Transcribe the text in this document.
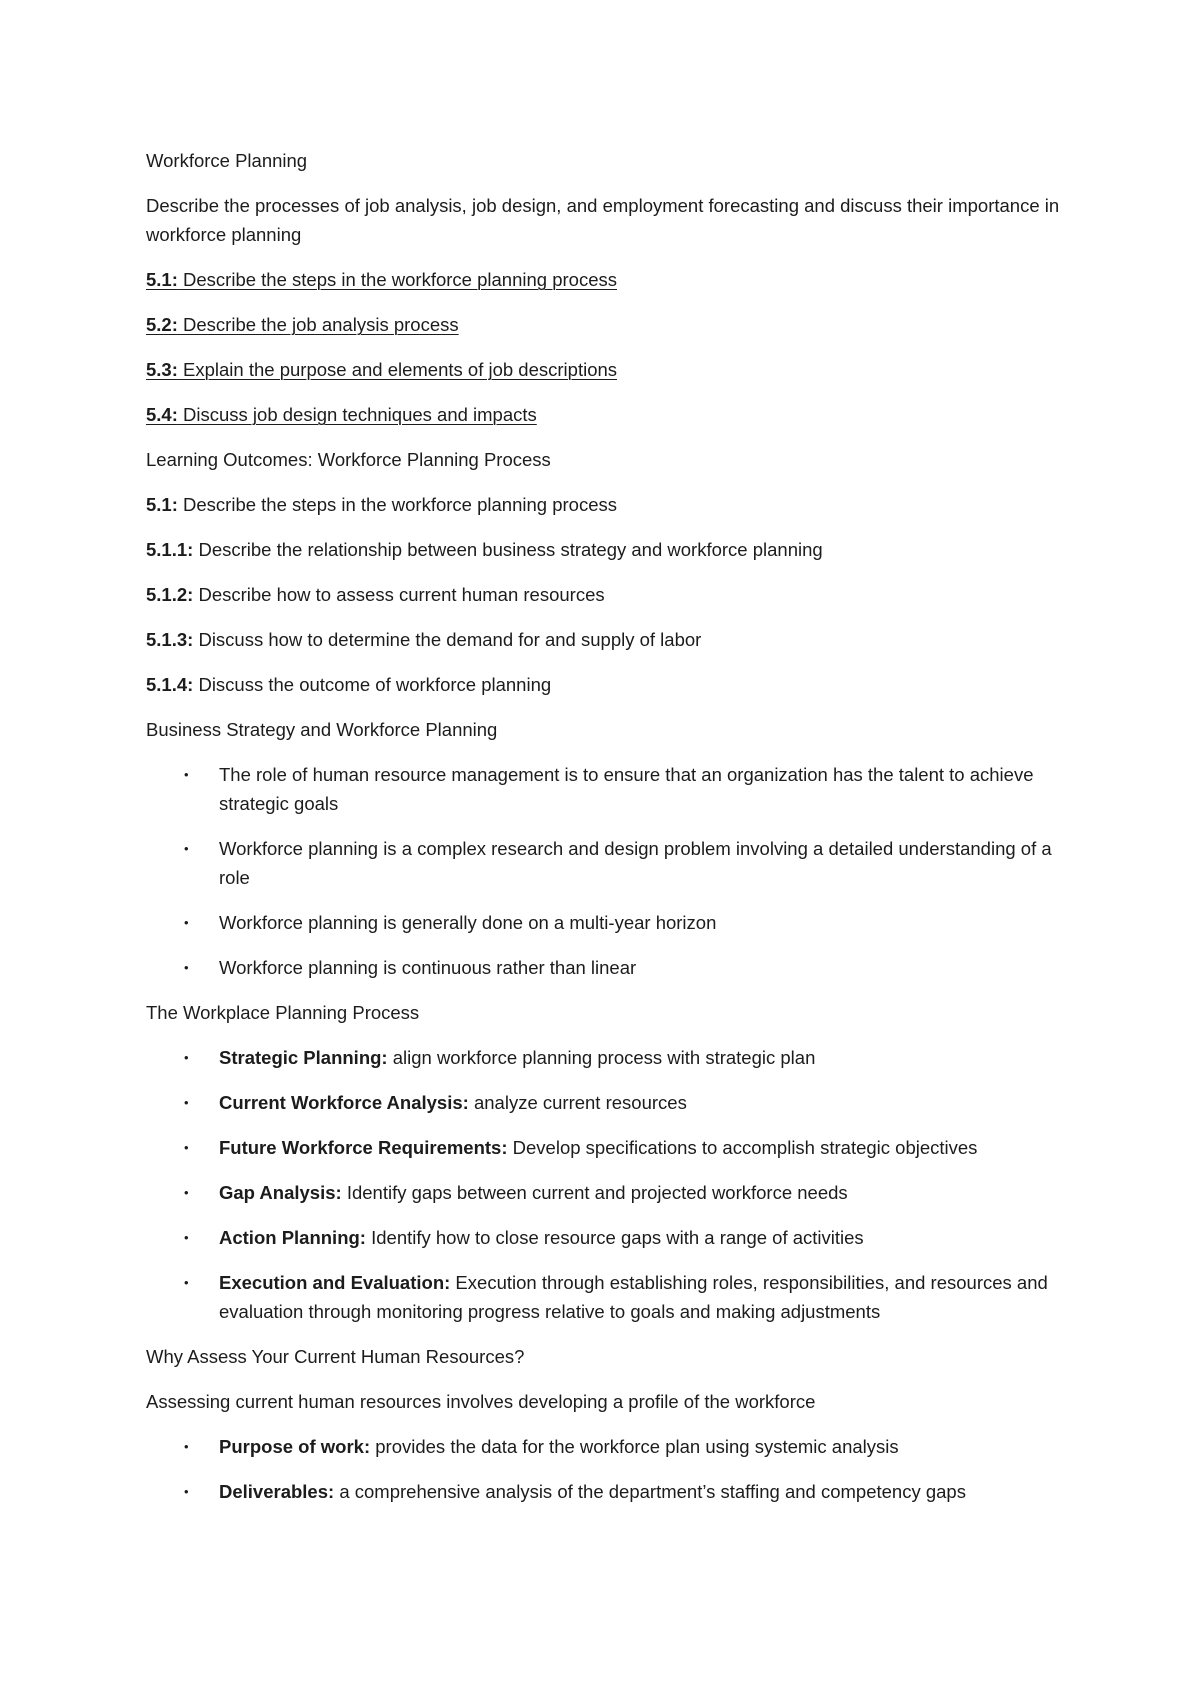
Workforce Planning

Describe the processes of job analysis, job design, and employment forecasting and discuss their importance in workforce planning

5.1: Describe the steps in the workforce planning process

5.2: Describe the job analysis process

5.3: Explain the purpose and elements of job descriptions

5.4: Discuss job design techniques and impacts

Learning Outcomes: Workforce Planning Process

5.1: Describe the steps in the workforce planning process

5.1.1: Describe the relationship between business strategy and workforce planning

5.1.2: Describe how to assess current human resources

5.1.3: Discuss how to determine the demand for and supply of labor

5.1.4: Discuss the outcome of workforce planning

Business Strategy and Workforce Planning

• The role of human resource management is to ensure that an organization has the talent to achieve strategic goals
• Workforce planning is a complex research and design problem involving a detailed understanding of a role
• Workforce planning is generally done on a multi-year horizon
• Workforce planning is continuous rather than linear

The Workplace Planning Process

• Strategic Planning: align workforce planning process with strategic plan
• Current Workforce Analysis: analyze current resources
• Future Workforce Requirements: Develop specifications to accomplish strategic objectives
• Gap Analysis: Identify gaps between current and projected workforce needs
• Action Planning: Identify how to close resource gaps with a range of activities
• Execution and Evaluation: Execution through establishing roles, responsibilities, and resources and evaluation through monitoring progress relative to goals and making adjustments

Why Assess Your Current Human Resources?

Assessing current human resources involves developing a profile of the workforce

• Purpose of work: provides the data for the workforce plan using systemic analysis
• Deliverables: a comprehensive analysis of the department’s staffing and competency gaps
